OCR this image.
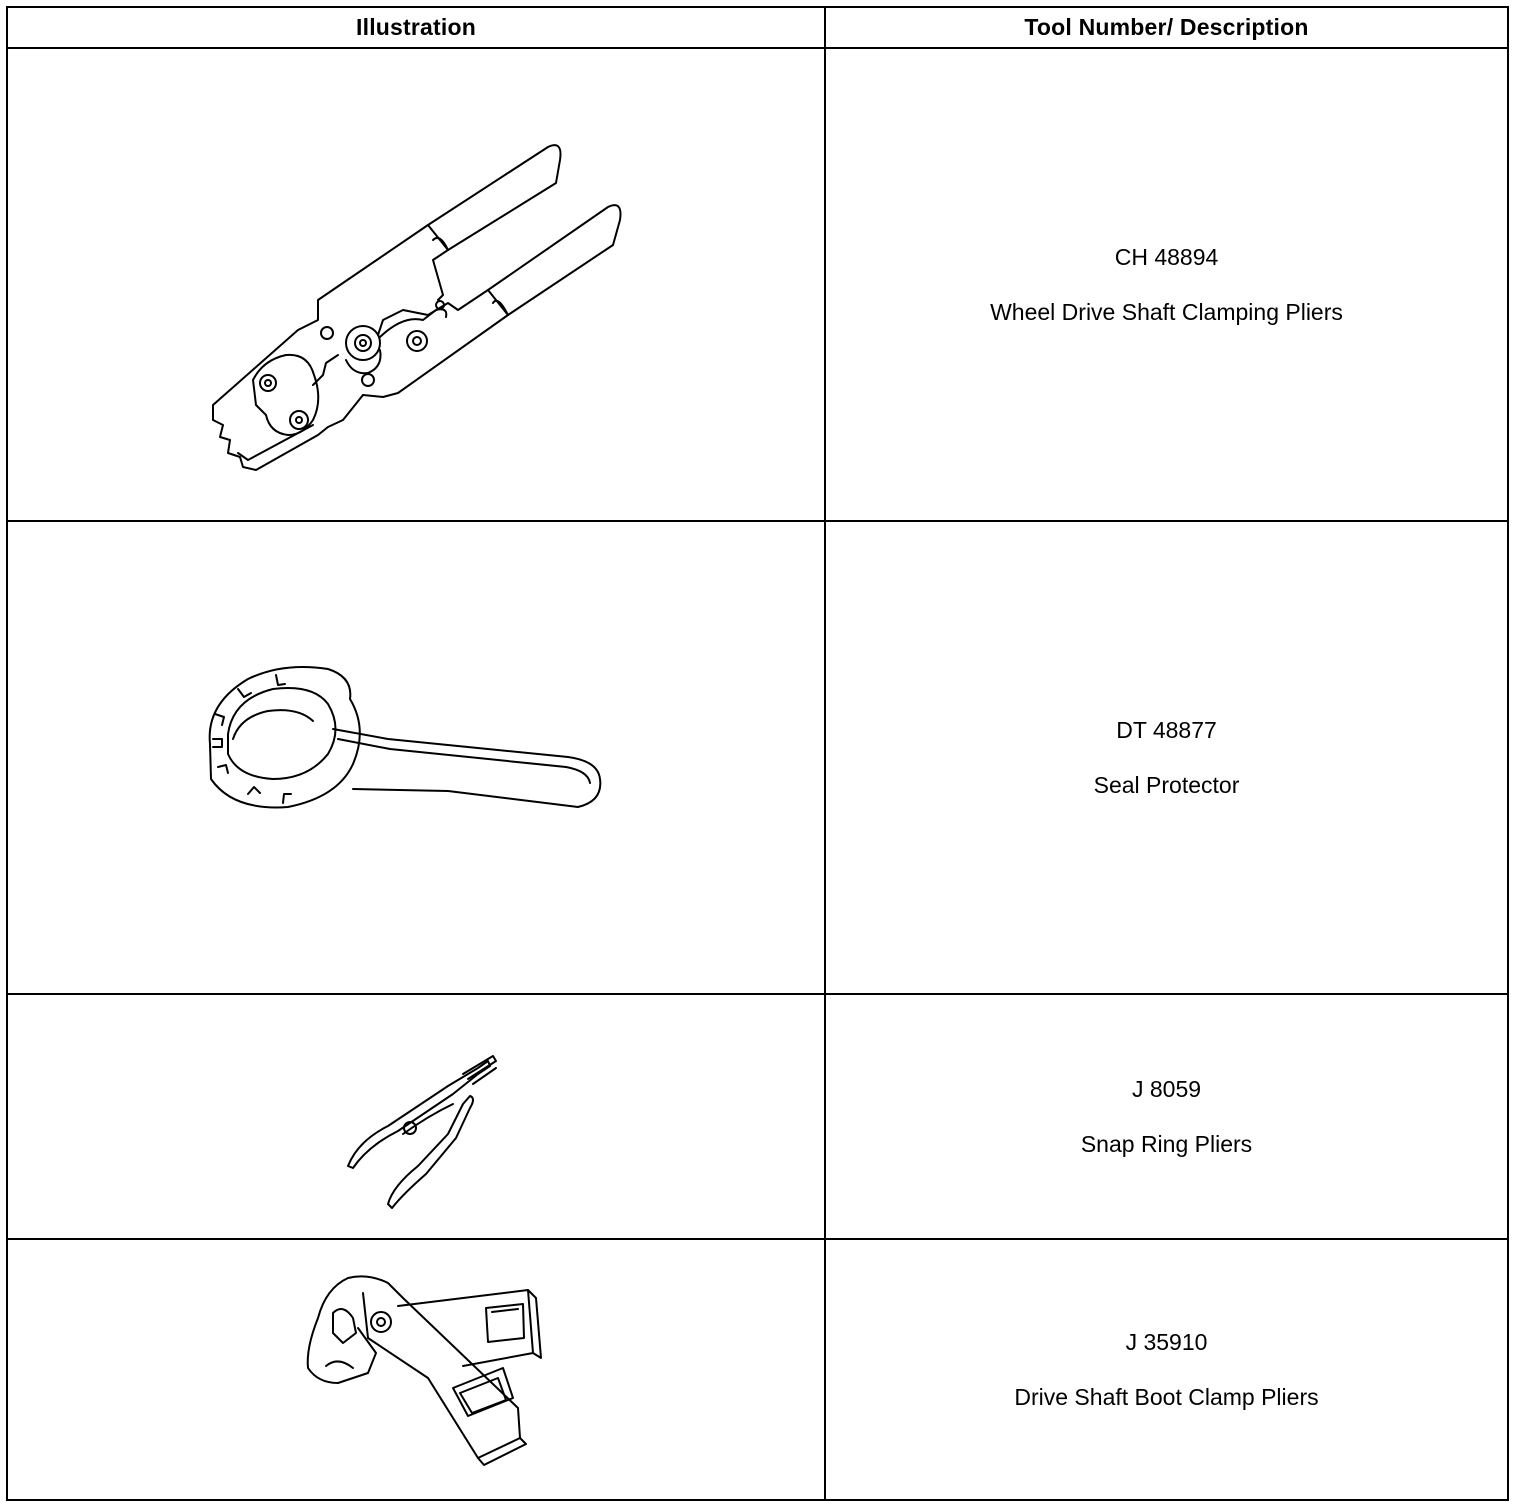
Illustration	Tool Number/ Description

CH 48894
Wheel Drive Shaft Clamping Pliers

DT 48877
Seal Protector

J 8059
Snap Ring Pliers

J 35910
Drive Shaft Boot Clamp Pliers
